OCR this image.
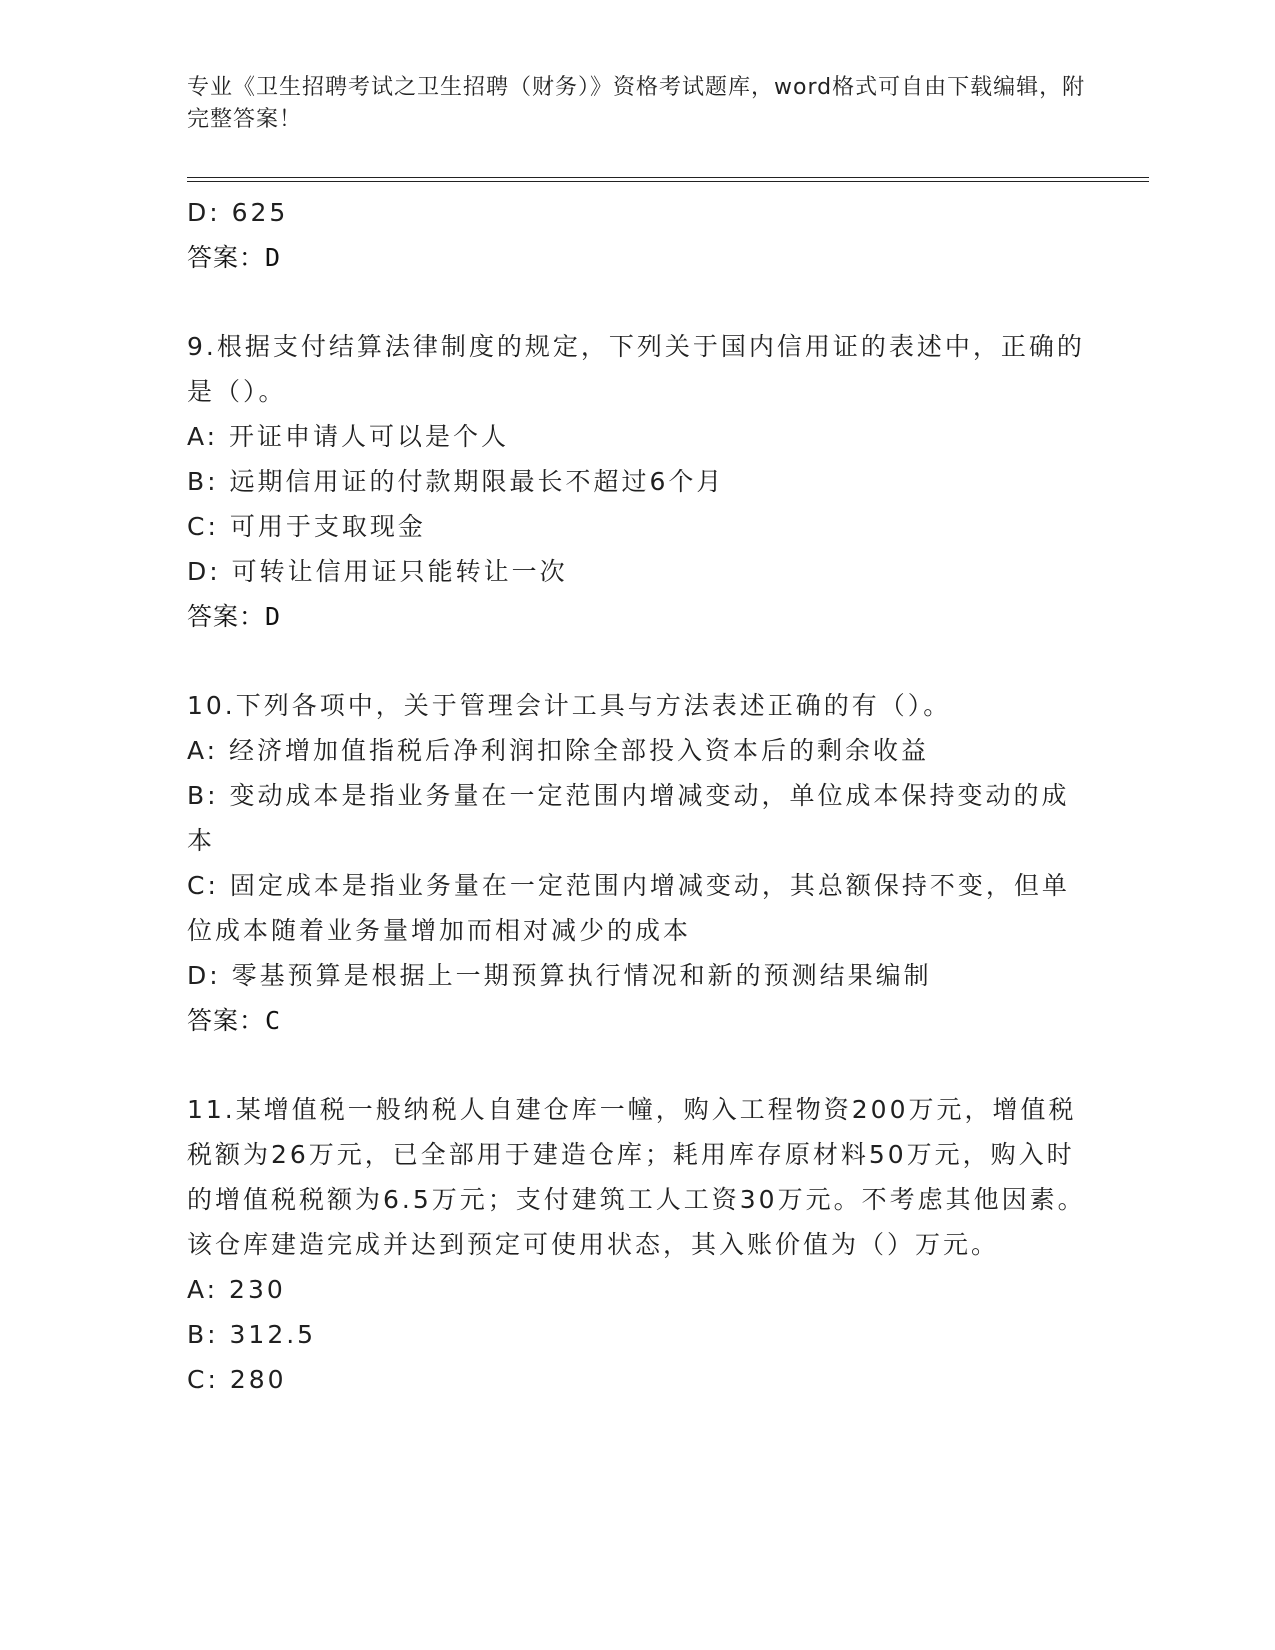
专业《卫生招聘考试之卫生招聘（财务）》资格考试题库，word格式可自由下载编辑，附完整答案！
D: 625
答案：D
9.根据支付结算法律制度的规定，下列关于国内信用证的表述中，正确的是（）。
A: 开证申请人可以是个人
B: 远期信用证的付款期限最长不超过6个月
C: 可用于支取现金
D: 可转让信用证只能转让一次
答案：D
10.下列各项中，关于管理会计工具与方法表述正确的有（）。
A: 经济增加值指税后净利润扣除全部投入资本后的剩余收益
B: 变动成本是指业务量在一定范围内增减变动，单位成本保持变动的成本
C: 固定成本是指业务量在一定范围内增减变动，其总额保持不变，但单位成本随着业务量增加而相对减少的成本
D: 零基预算是根据上一期预算执行情况和新的预测结果编制
答案：C
11.某增值税一般纳税人自建仓库一幢，购入工程物资200万元，增值税税额为26万元，已全部用于建造仓库；耗用库存原材料50万元，购入时的增值税税额为6.5万元；支付建筑工人工资30万元。不考虑其他因素。该仓库建造完成并达到预定可使用状态，其入账价值为（）万元。
A: 230
B: 312.5
C: 280
